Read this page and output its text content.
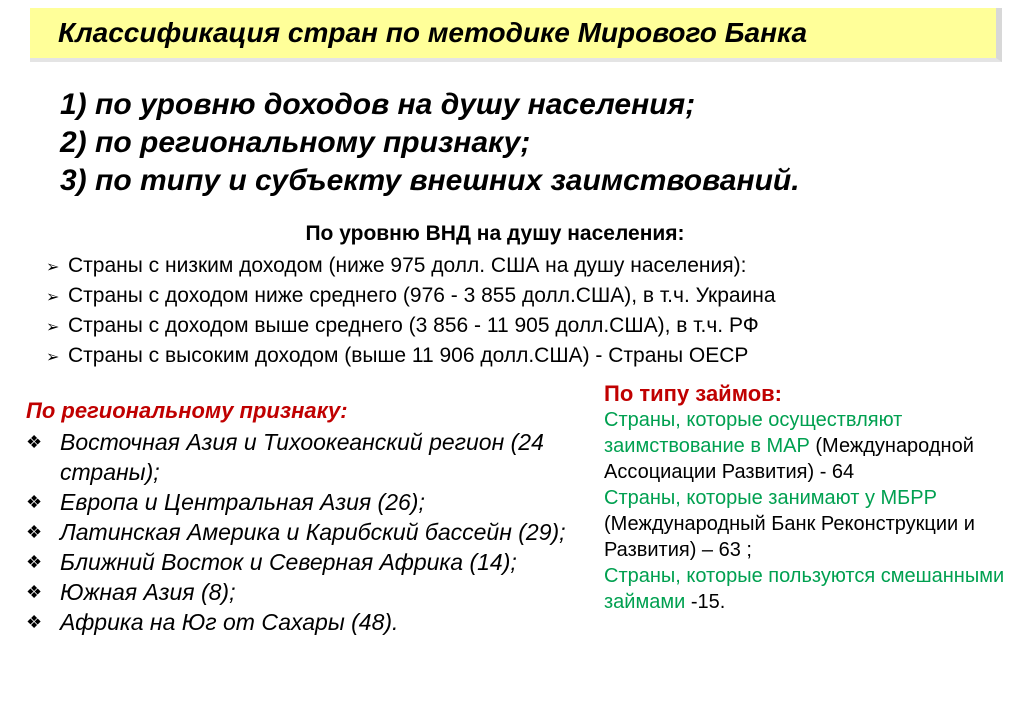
Классификация стран по методике Мирового Банка
1) по уровню доходов на душу населения;
2) по региональному признаку;
3) по типу и субъекту внешних заимствований.
По уровню ВНД на душу населения:
➢ Страны с низким доходом (ниже 975 долл. США на душу населения):
➢ Страны с доходом ниже среднего (976 - 3 855 долл.США), в т.ч. Украина
➢ Страны с доходом выше среднего (3 856 - 11 905 долл.США), в т.ч. РФ
➢ Страны с высоким доходом (выше 11 906 долл.США) - Страны ОЕСР
По региональному признаку:
❖ Восточная Азия и Тихоокеанский регион (24 страны);
❖ Европа и Центральная Азия (26);
❖ Латинская Америка и Карибский бассейн (29);
❖ Ближний Восток и Северная Африка (14);
❖ Южная Азия (8);
❖ Африка на Юг от Сахары (48).
По типу займов:
Страны, которые осуществляют заимствование в МАР (Международной Ассоциации Развития) - 64
Страны, которые занимают у МБРР (Международный Банк Реконструкции и Развития) – 63 ;
Страны, которые пользуются смешанными займами -15.
